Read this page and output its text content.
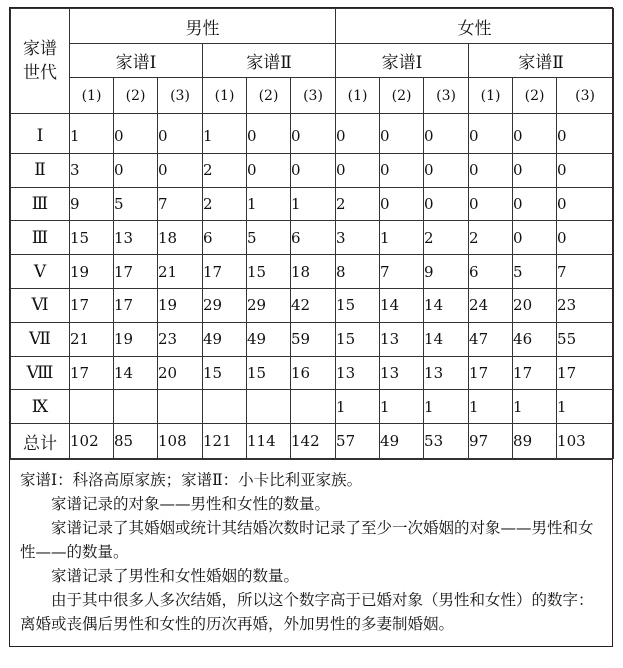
家谱
世代	男性						女性					
	家谱Ⅰ			家谱Ⅱ			家谱Ⅰ			家谱Ⅱ		
	(1)	(2)	(3)	(1)	(2)	(3)	(1)	(2)	(3)	(1)	(2)	(3)
Ⅰ	1	0	0	1	0	0	0	0	0	0	0	0
Ⅱ	3	0	0	2	0	0	0	0	0	0	0	0
Ⅲ	9	5	7	2	1	1	2	0	0	0	0	0
Ⅲ	15	13	18	6	5	6	3	1	2	2	0	0
Ⅴ	19	17	21	17	15	18	8	7	9	6	5	7
Ⅵ	17	17	19	29	29	42	15	14	14	24	20	23
Ⅶ	21	19	23	49	49	59	15	13	14	47	46	55
Ⅷ	17	14	20	15	15	16	13	13	13	17	17	17
Ⅸ							1	1	1	1	1	1
总计	102	85	108	121	114	142	57	49	53	97	89	103

家谱Ⅰ：科洛高原家族；家谱Ⅱ：小卡比利亚家族。

家谱记录的对象——男性和女性的数量。

家谱记录了其婚姻或统计其结婚次数时记录了至少一次婚姻的对象——男性和女性——的数量。

家谱记录了男性和女性婚姻的数量。

由于其中很多人多次结婚，所以这个数字高于已婚对象（男性和女性）的数字：离婚或丧偶后男性和女性的历次再婚，外加男性的多妻制婚姻。
